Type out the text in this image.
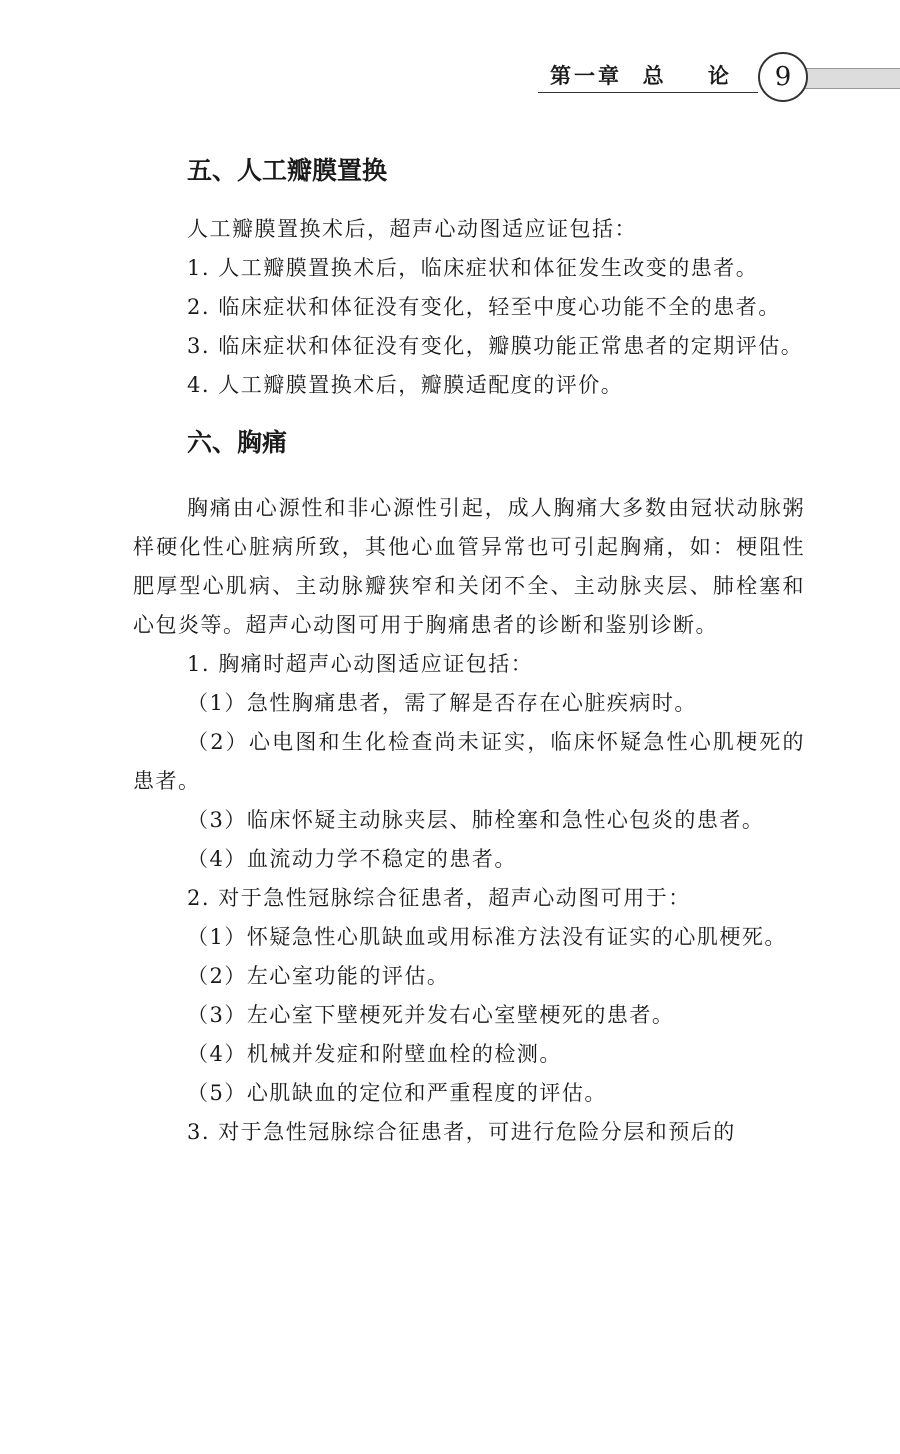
第一章  总    论	9
五、人工瓣膜置换

人工瓣膜置换术后，超声心动图适应证包括：

1. 人工瓣膜置换术后，临床症状和体征发生改变的患者。

2. 临床症状和体征没有变化，轻至中度心功能不全的患者。

3. 临床症状和体征没有变化，瓣膜功能正常患者的定期评估。

4. 人工瓣膜置换术后，瓣膜适配度的评价。

六、胸痛

胸痛由心源性和非心源性引起，成人胸痛大多数由冠状动脉粥样硬化性心脏病所致，其他心血管异常也可引起胸痛，如：梗阻性肥厚型心肌病、主动脉瓣狭窄和关闭不全、主动脉夹层、肺栓塞和心包炎等。超声心动图可用于胸痛患者的诊断和鉴别诊断。

1. 胸痛时超声心动图适应证包括：

（1）急性胸痛患者，需了解是否存在心脏疾病时。

（2）心电图和生化检查尚未证实，临床怀疑急性心肌梗死的患者。

（3）临床怀疑主动脉夹层、肺栓塞和急性心包炎的患者。

（4）血流动力学不稳定的患者。

2. 对于急性冠脉综合征患者，超声心动图可用于：

（1）怀疑急性心肌缺血或用标准方法没有证实的心肌梗死。

（2）左心室功能的评估。

（3）左心室下壁梗死并发右心室壁梗死的患者。

（4）机械并发症和附壁血栓的检测。

（5）心肌缺血的定位和严重程度的评估。

3. 对于急性冠脉综合征患者，可进行危险分层和预后的
